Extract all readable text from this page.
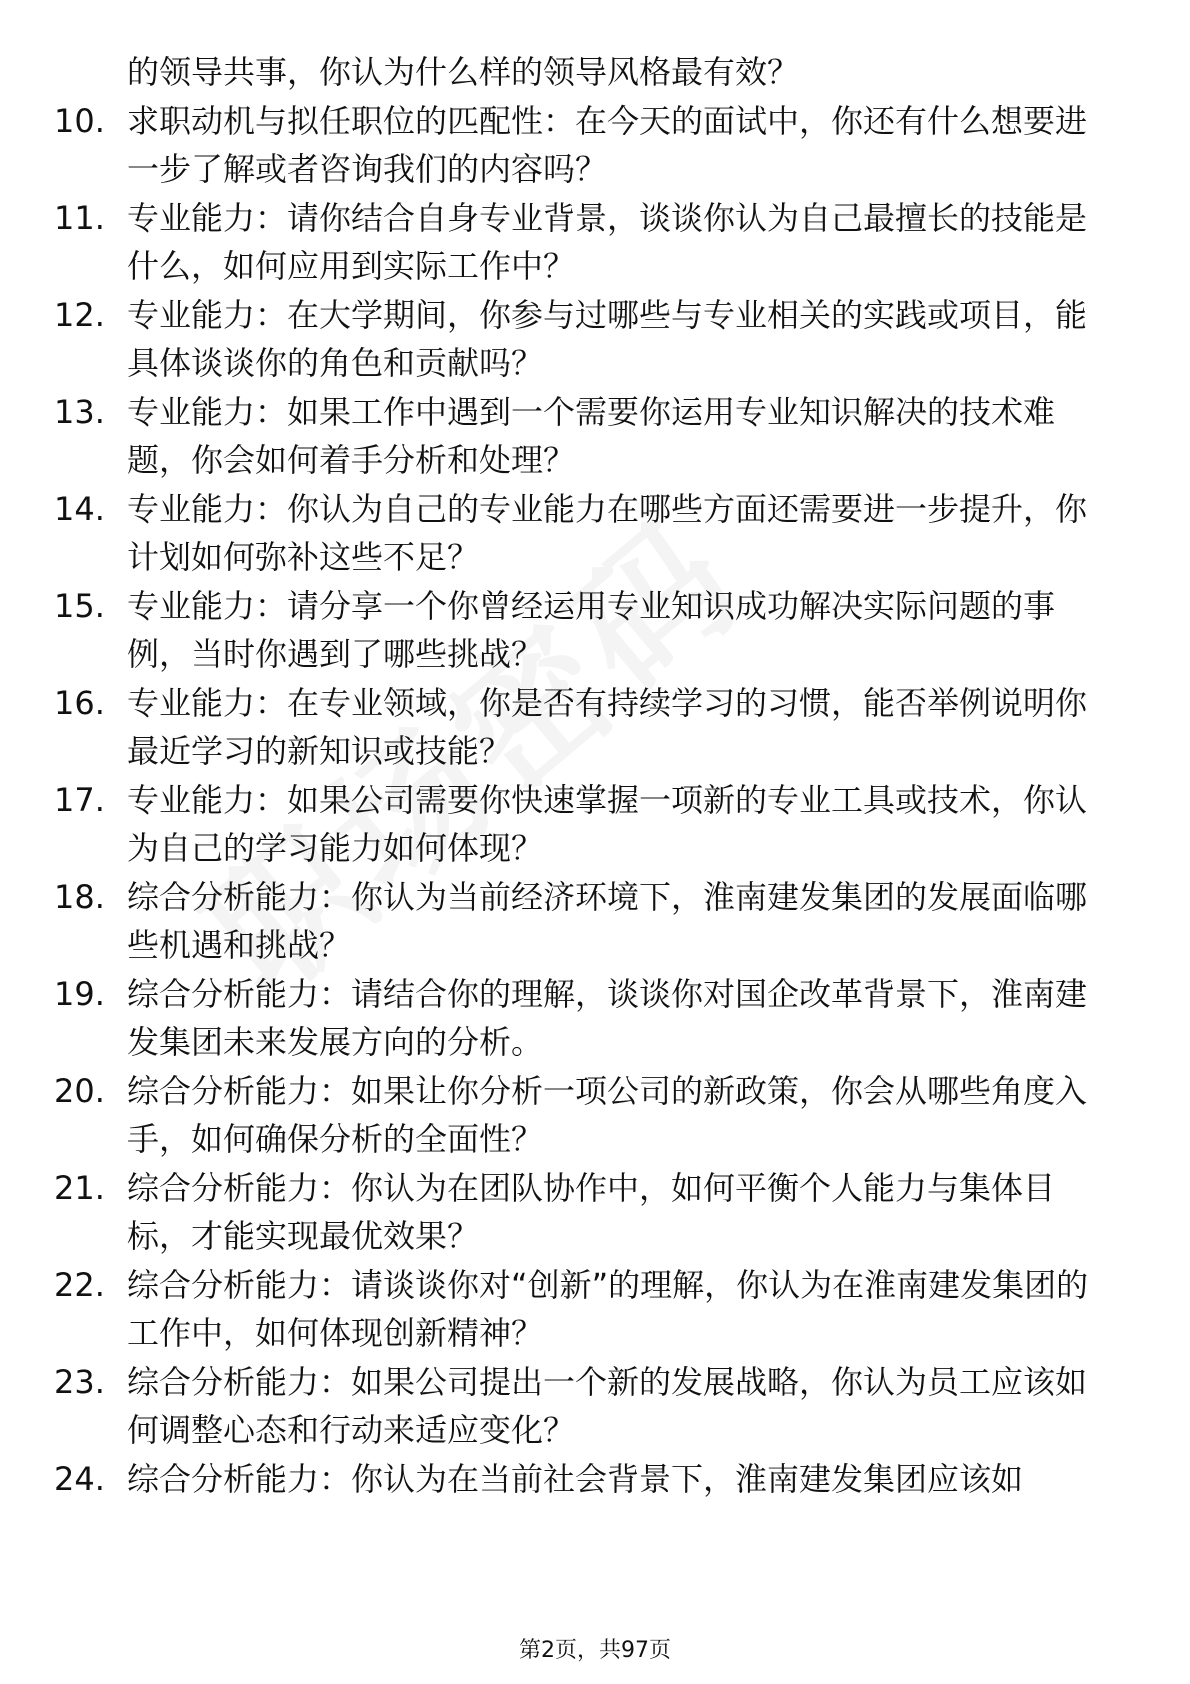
的领导共事，你认为什么样的领导风格最有效？
10. 求职动机与拟任职位的匹配性：在今天的面试中，你还有什么想要进一步了解或者咨询我们的内容吗？
11. 专业能力：请你结合自身专业背景，谈谈你认为自己最擅长的技能是什么，如何应用到实际工作中？
12. 专业能力：在大学期间，你参与过哪些与专业相关的实践或项目，能具体谈谈你的角色和贡献吗？
13. 专业能力：如果工作中遇到一个需要你运用专业知识解决的技术难题，你会如何着手分析和处理？
14. 专业能力：你认为自己的专业能力在哪些方面还需要进一步提升，你计划如何弥补这些不足？
15. 专业能力：请分享一个你曾经运用专业知识成功解决实际问题的事例，当时你遇到了哪些挑战？
16. 专业能力：在专业领域，你是否有持续学习的习惯，能否举例说明你最近学习的新知识或技能？
17. 专业能力：如果公司需要你快速掌握一项新的专业工具或技术，你认为自己的学习能力如何体现？
18. 综合分析能力：你认为当前经济环境下，淮南建发集团的发展面临哪些机遇和挑战？
19. 综合分析能力：请结合你的理解，谈谈你对国企改革背景下，淮南建发集团未来发展方向的分析。
20. 综合分析能力：如果让你分析一项公司的新政策，你会从哪些角度入手，如何确保分析的全面性？
21. 综合分析能力：你认为在团队协作中，如何平衡个人能力与集体目标，才能实现最优效果？
22. 综合分析能力：请谈谈你对“创新”的理解，你认为在淮南建发集团的工作中，如何体现创新精神？
23. 综合分析能力：如果公司提出一个新的发展战略，你认为员工应该如何调整心态和行动来适应变化？
24. 综合分析能力：你认为在当前社会背景下，淮南建发集团应该如
第2页，共97页
